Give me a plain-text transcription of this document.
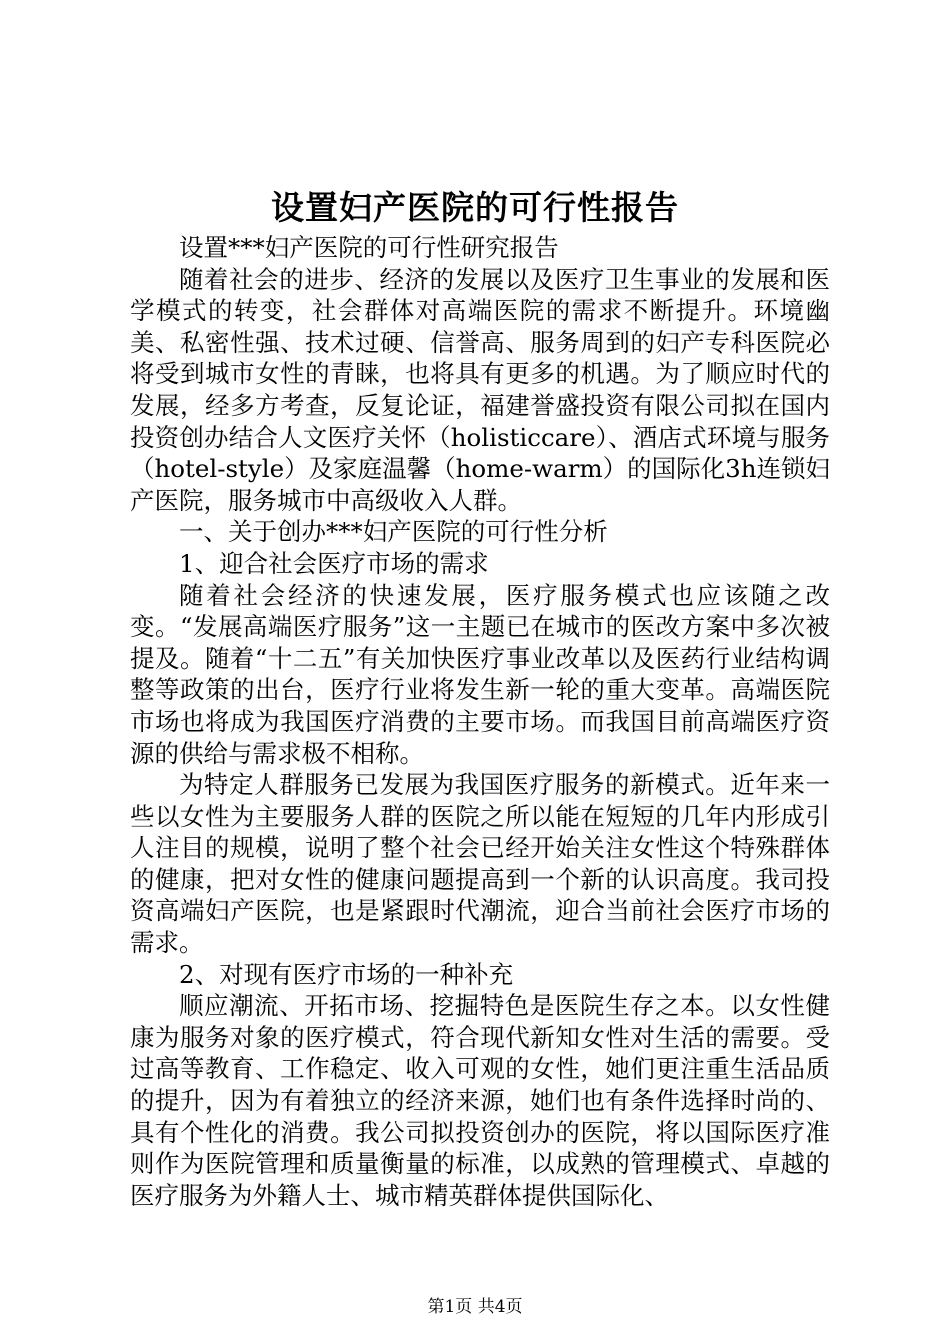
设置妇产医院的可行性报告

设置***妇产医院的可行性研究报告

随着社会的进步、经济的发展以及医疗卫生事业的发展和医学模式的转变，社会群体对高端医院的需求不断提升。环境幽美、私密性强、技术过硬、信誉高、服务周到的妇产专科医院必将受到城市女性的青睐，也将具有更多的机遇。为了顺应时代的发展，经多方考查，反复论证，福建誉盛投资有限公司拟在国内投资创办结合人文医疗关怀（holisticcare）、酒店式环境与服务（hotel-style）及家庭温馨（home-warm）的国际化3h连锁妇产医院，服务城市中高级收入人群。

一、关于创办***妇产医院的可行性分析

1、迎合社会医疗市场的需求

随着社会经济的快速发展，医疗服务模式也应该随之改变。“发展高端医疗服务”这一主题已在城市的医改方案中多次被提及。随着“十二五”有关加快医疗事业改革以及医药行业结构调整等政策的出台，医疗行业将发生新一轮的重大变革。高端医院市场也将成为我国医疗消费的主要市场。而我国目前高端医疗资源的供给与需求极不相称。

为特定人群服务已发展为我国医疗服务的新模式。近年来一些以女性为主要服务人群的医院之所以能在短短的几年内形成引人注目的规模，说明了整个社会已经开始关注女性这个特殊群体的健康，把对女性的健康问题提高到一个新的认识高度。我司投资高端妇产医院，也是紧跟时代潮流，迎合当前社会医疗市场的需求。

2、对现有医疗市场的一种补充

顺应潮流、开拓市场、挖掘特色是医院生存之本。以女性健康为服务对象的医疗模式，符合现代新知女性对生活的需要。受过高等教育、工作稳定、收入可观的女性，她们更注重生活品质的提升，因为有着独立的经济来源，她们也有条件选择时尚的、具有个性化的消费。我公司拟投资创办的医院，将以国际医疗准则作为医院管理和质量衡量的标准，以成熟的管理模式、卓越的医疗服务为外籍人士、城市精英群体提供国际化、

第1页 共4页
